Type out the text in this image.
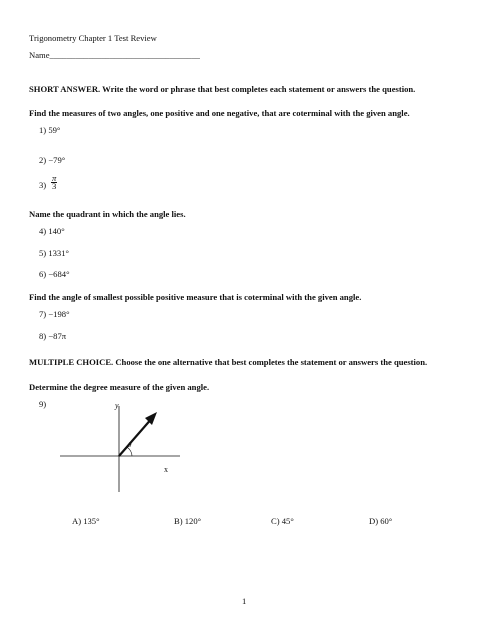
Trigonometry Chapter 1 Test Review
Name___________________________________
SHORT ANSWER. Write the word or phrase that best completes each statement or answers the question.
Find the measures of two angles, one positive and one negative, that are coterminal with the given angle.
1) 59°
2) −79°
$3) \frac{\pi}{3}$
Name the quadrant in which the angle lies.
4) 140°
5) 1331°
6) −684°
Find the angle of smallest possible positive measure that is coterminal with the given angle.
7) −198°
8) −87π
MULTIPLE CHOICE. Choose the one alternative that best completes the statement or answers the question.
Determine the degree measure of the given angle.
9)	y
x
θ
A) 135°	B) 120°	C) 45°	D) 60°
1
